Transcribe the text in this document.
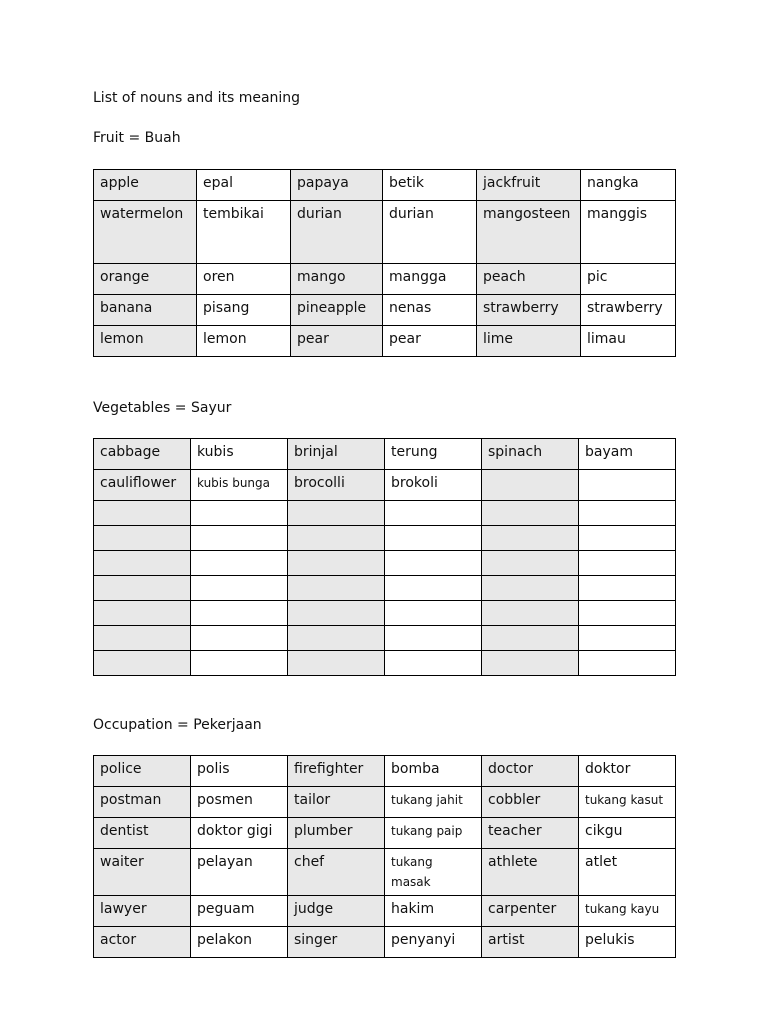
List of nouns and its meaning
Fruit = Buah
apple	epal	papaya	betik	jackfruit	nangka
watermelon	tembikai	durian	durian	mangosteen	manggis
orange	oren	mango	mangga	peach	pic
banana	pisang	pineapple	nenas	strawberry	strawberry
lemon	lemon	pear	pear	lime	limau
Vegetables = Sayur
cabbage	kubis	brinjal	terung	spinach	bayam
cauliflower	kubis bunga	brocolli	brokoli		

Occupation = Pekerjaan
police	polis	firefighter	bomba	doctor	doktor
postman	posmen	tailor	tukang jahit	cobbler	tukang kasut
dentist	doktor gigi	plumber	tukang paip	teacher	cikgu
waiter	pelayan	chef	tukang masak	athlete	atlet
lawyer	peguam	judge	hakim	carpenter	tukang kayu
actor	pelakon	singer	penyanyi	artist	pelukis
